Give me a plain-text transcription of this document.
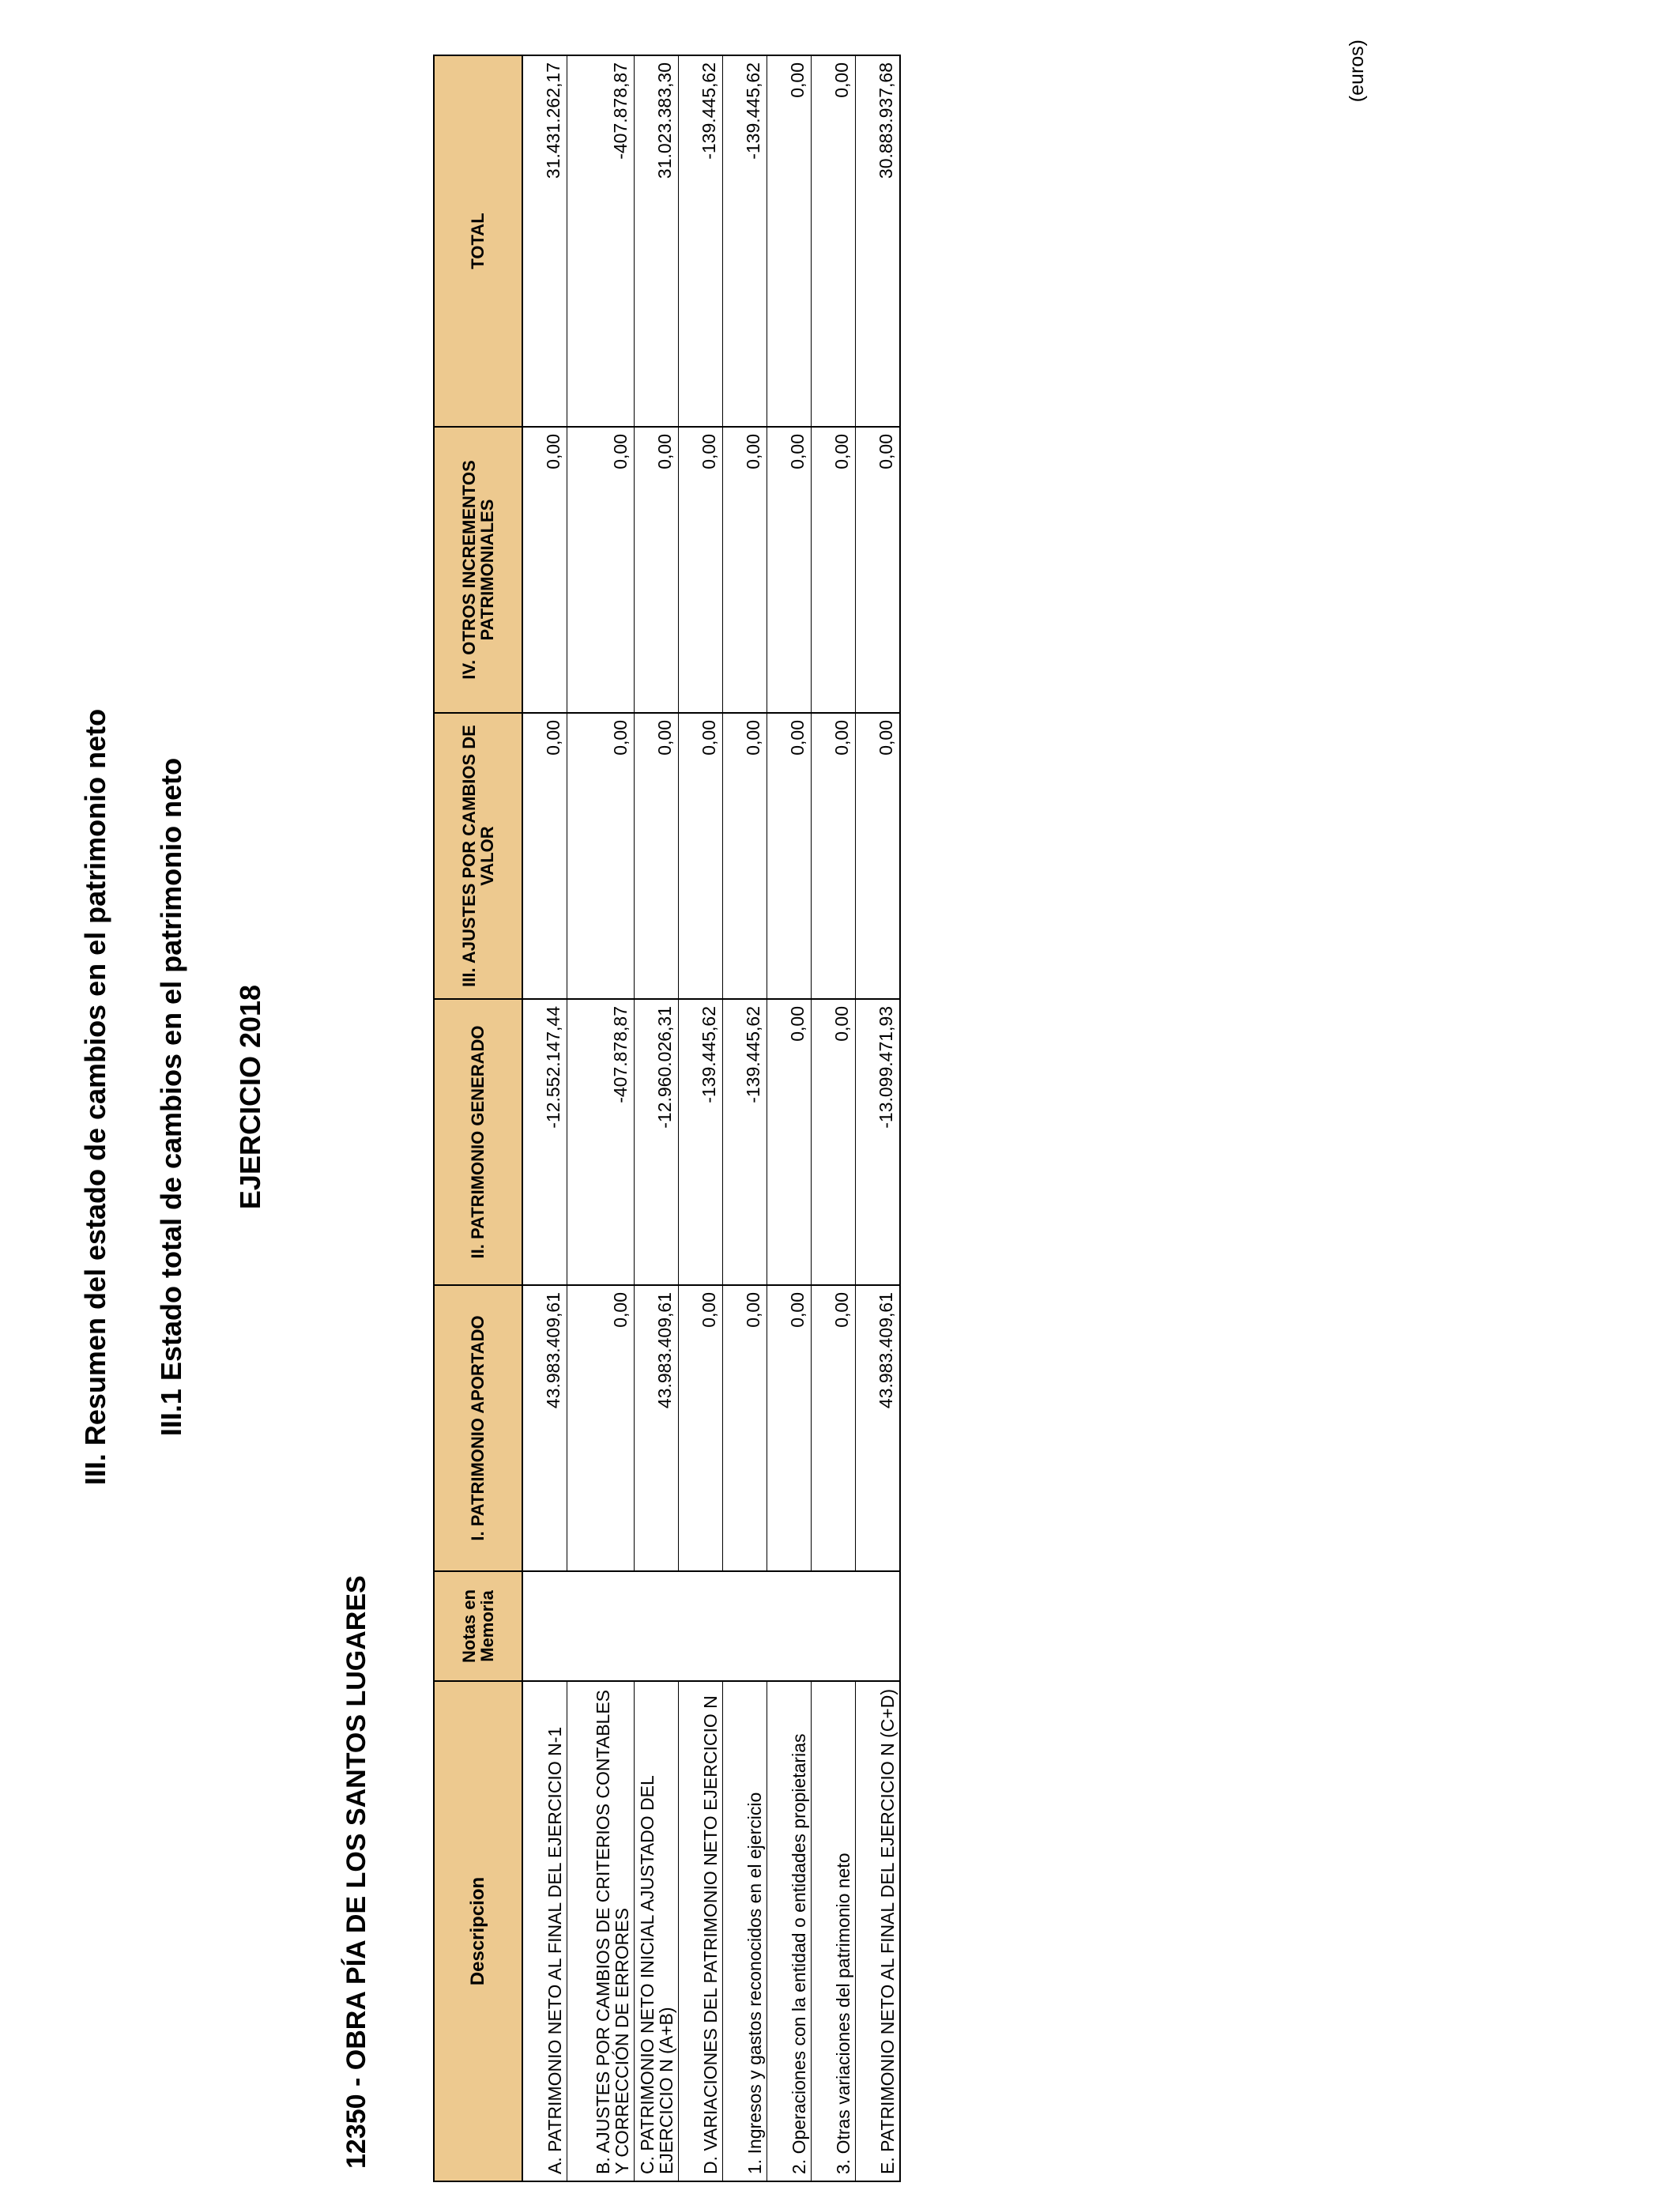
III. Resumen del estado de cambios en el patrimonio neto III.1 Estado total de cambios en el patrimonio neto EJERCICIO 2018
12350 - OBRA PÍA DE LOS SANTOS LUGARES
(euros)
Descripcion	Notas en Memoria	I. PATRIMONIO APORTADO	II. PATRIMONIO GENERADO	III. AJUSTES POR CAMBIOS DE VALOR	IV. OTROS INCREMENTOS PATRIMONIALES	TOTAL
A. PATRIMONIO NETO AL FINAL DEL EJERCICIO N-1		43.983.409,61	-12.552.147,44	0,00	0,00	31.431.262,17
B. AJUSTES POR CAMBIOS DE CRITERIOS CONTABLES Y CORRECCIÓN DE ERRORES		0,00	-407.878,87	0,00	0,00	-407.878,87
C. PATRIMONIO NETO INICIAL AJUSTADO DEL EJERCICIO N (A+B)		43.983.409,61	-12.960.026,31	0,00	0,00	31.023.383,30
D. VARIACIONES DEL PATRIMONIO NETO EJERCICIO N		0,00	-139.445,62	0,00	0,00	-139.445,62
1. Ingresos y gastos reconocidos en el ejercicio		0,00	-139.445,62	0,00	0,00	-139.445,62
2. Operaciones con la entidad o entidades propietarias		0,00	0,00	0,00	0,00	0,00
3. Otras variaciones del patrimonio neto		0,00	0,00	0,00	0,00	0,00
E. PATRIMONIO NETO AL FINAL DEL EJERCICIO N (C+D)		43.983.409,61	-13.099.471,93	0,00	0,00	30.883.937,68
